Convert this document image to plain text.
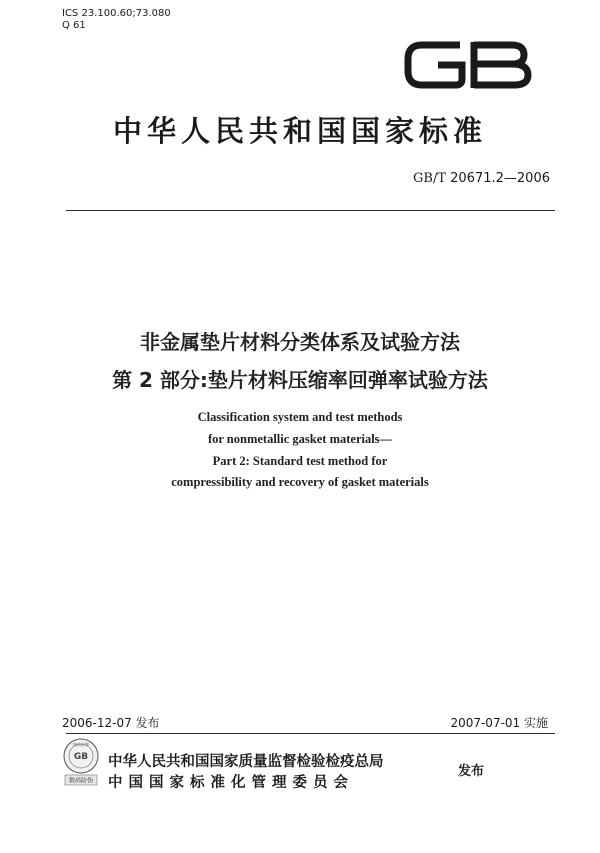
ICS 23.100.60;73.080
Q 61
GB
中华人民共和国国家标准
GB/T 20671.2—2006
非金属垫片材料分类体系及试验方法
第 2 部分:垫片材料压缩率回弹率试验方法
Classification system and test methods
for nonmetallic gasket materials—
Part 2: Standard test method for
compressibility and recovery of gasket materials
2006-12-07 发布	2007-07-01 实施
GB
防伪标签
数码防伪
中华人民共和国国家质量监督检验检疫总局
中国国家标准化管理委员会
发布
